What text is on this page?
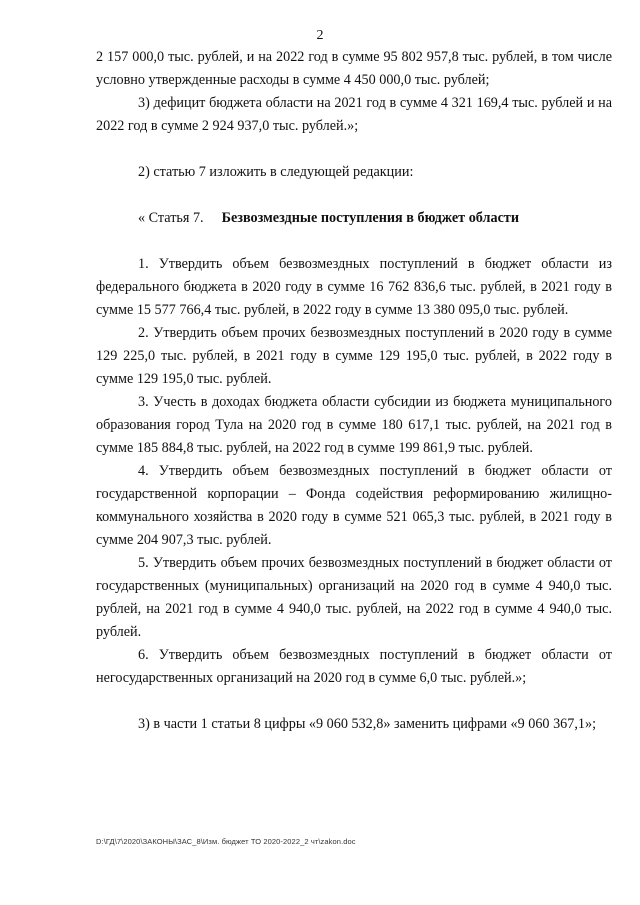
2

2 157 000,0 тыс. рублей, и на 2022 год в сумме 95 802 957,8 тыс. рублей, в том числе условно утвержденные расходы в сумме 4 450 000,0 тыс. рублей;

3) дефицит бюджета области на 2021 год в сумме 4 321 169,4 тыс. рублей и на 2022 год в сумме 2 924 937,0 тыс. рублей.»;

2) статью 7 изложить в следующей редакции:

« Статья 7. Безвозмездные поступления в бюджет области

1. Утвердить объем безвозмездных поступлений в бюджет области из федерального бюджета в 2020 году в сумме 16 762 836,6 тыс. рублей, в 2021 году в сумме 15 577 766,4 тыс. рублей, в 2022 году в сумме 13 380 095,0 тыс. рублей.

2. Утвердить объем прочих безвозмездных поступлений в 2020 году в сумме 129 225,0 тыс. рублей, в 2021 году в сумме 129 195,0 тыс. рублей, в 2022 году в сумме 129 195,0 тыс. рублей.

3. Учесть в доходах бюджета области субсидии из бюджета муниципального образования город Тула на 2020 год в сумме 180 617,1 тыс. рублей, на 2021 год в сумме 185 884,8 тыс. рублей, на 2022 год в сумме 199 861,9 тыс. рублей.

4. Утвердить объем безвозмездных поступлений в бюджет области от государственной корпорации – Фонда содействия реформированию жилищно-коммунального хозяйства в 2020 году в сумме 521 065,3 тыс. рублей, в 2021 году в сумме 204 907,3 тыс. рублей.

5. Утвердить объем прочих безвозмездных поступлений в бюджет области от государственных (муниципальных) организаций на 2020 год в сумме 4 940,0 тыс. рублей, на 2021 год в сумме 4 940,0 тыс. рублей, на 2022 год в сумме 4 940,0 тыс. рублей.

6. Утвердить объем безвозмездных поступлений в бюджет области от негосударственных организаций на 2020 год в сумме 6,0 тыс. рублей.»;

3) в части 1 статьи 8 цифры «9 060 532,8» заменить цифрами «9 060 367,1»;

D:\ГД\7\2020\ЗАКОНЫ\ЗАС_8\Изм. бюджет ТО 2020-2022_2 чт\zakon.doc
